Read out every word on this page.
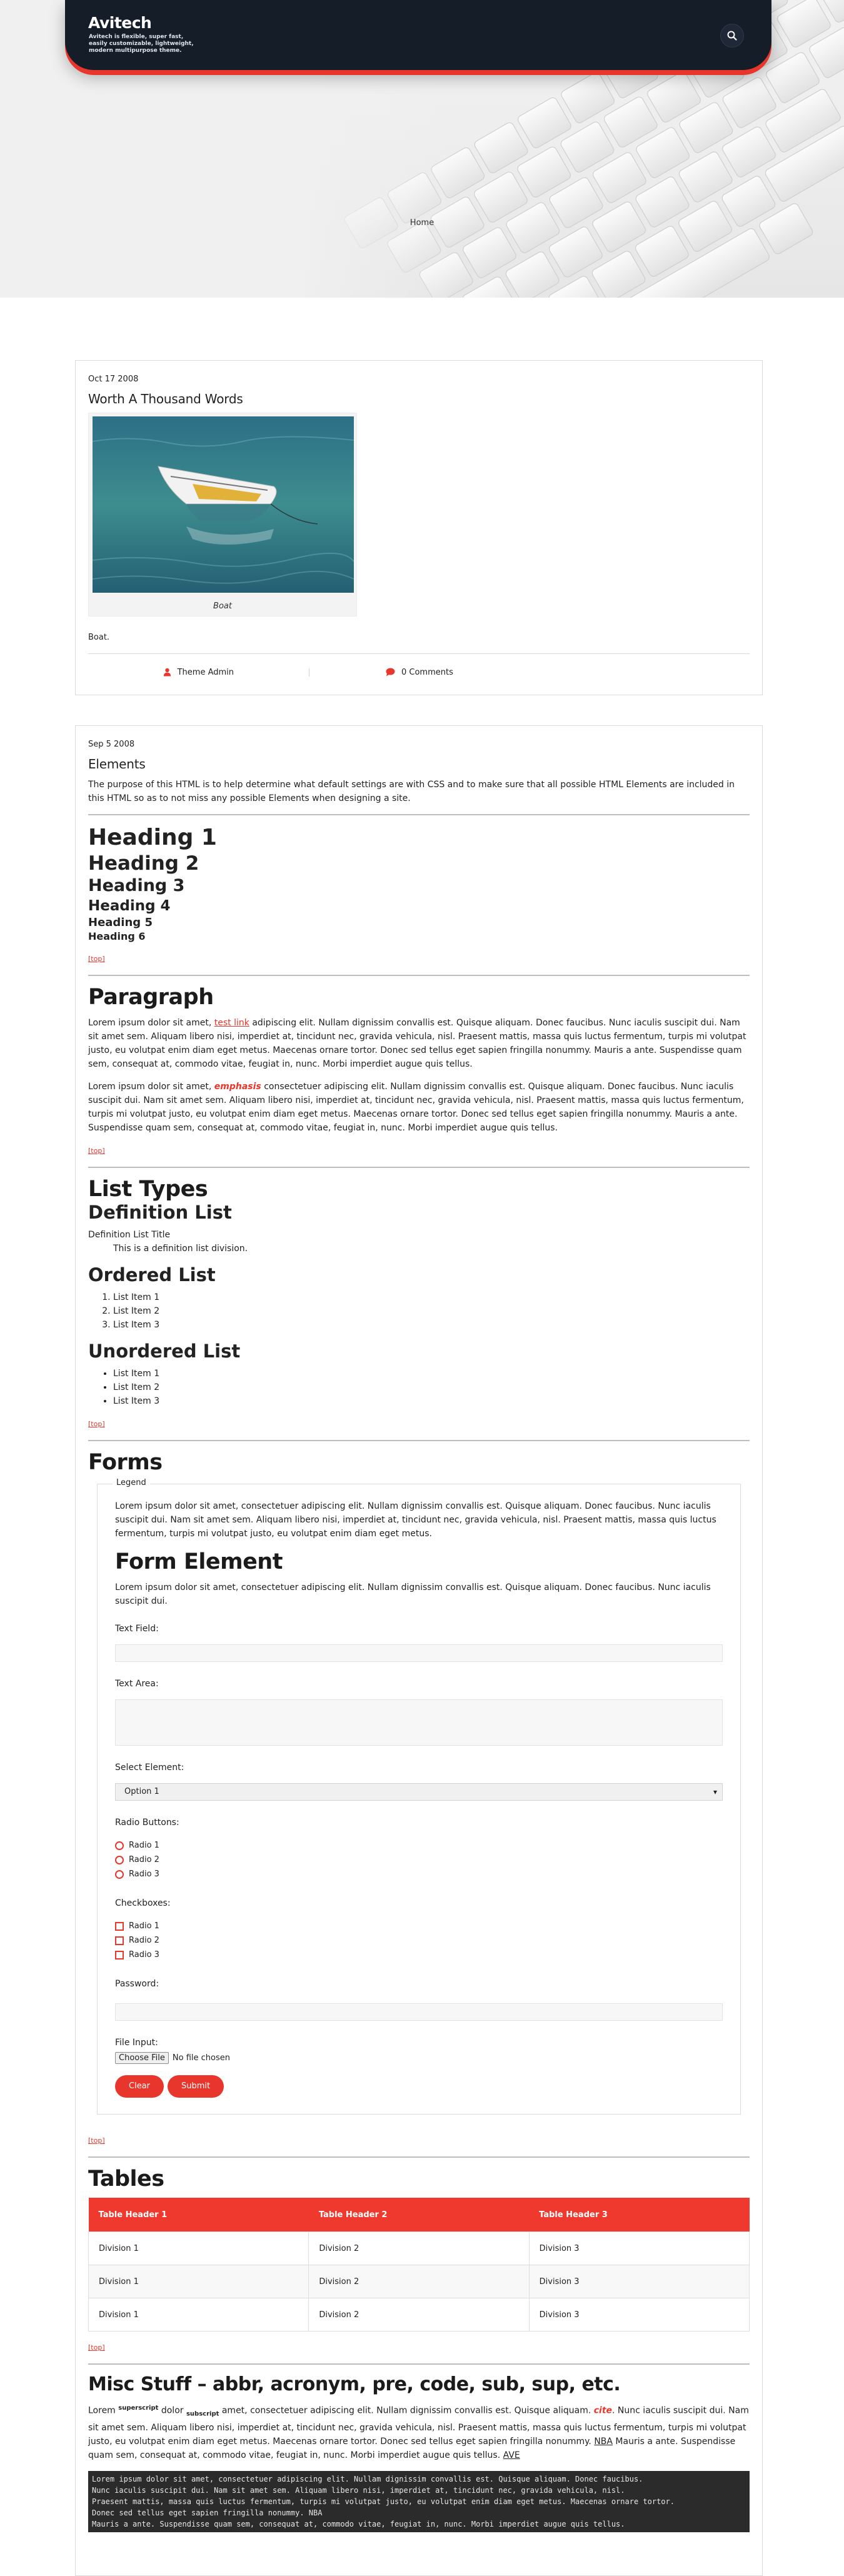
Avitech

Avitech is flexible, super fast, easily customizable, lightweight, modern multipurpose theme.

Home

Oct 17 2008

Worth A Thousand Words
Boat

Boat.

Theme Admin	0 Comments

Sep 5 2008

Elements

The purpose of this HTML is to help determine what default settings are with CSS and to make sure that all possible HTML Elements are included in this HTML so as to not miss any possible Elements when designing a site.

Heading 1
Heading 2
Heading 3
Heading 4
Heading 5
Heading 6

[top]

Paragraph

Lorem ipsum dolor sit amet, test link adipiscing elit. Nullam dignissim convallis est. Quisque aliquam. Donec faucibus. Nunc iaculis suscipit dui. Nam sit amet sem. Aliquam libero nisi, imperdiet at, tincidunt nec, gravida vehicula, nisl. Praesent mattis, massa quis luctus fermentum, turpis mi volutpat justo, eu volutpat enim diam eget metus. Maecenas ornare tortor. Donec sed tellus eget sapien fringilla nonummy. Mauris a ante. Suspendisse quam sem, consequat at, commodo vitae, feugiat in, nunc. Morbi imperdiet augue quis tellus.

Lorem ipsum dolor sit amet, emphasis consectetuer adipiscing elit. Nullam dignissim convallis est. Quisque aliquam. Donec faucibus. Nunc iaculis suscipit dui. Nam sit amet sem. Aliquam libero nisi, imperdiet at, tincidunt nec, gravida vehicula, nisl. Praesent mattis, massa quis luctus fermentum, turpis mi volutpat justo, eu volutpat enim diam eget metus. Maecenas ornare tortor. Donec sed tellus eget sapien fringilla nonummy. Mauris a ante. Suspendisse quam sem, consequat at, commodo vitae, feugiat in, nunc. Morbi imperdiet augue quis tellus.

[top]

List Types
Definition List
Definition List Title
This is a definition list division.
Ordered List
1. List Item 1
2. List Item 2
3. List Item 3
Unordered List
• List Item 1
• List Item 2
• List Item 3

[top]

Forms
Legend

Lorem ipsum dolor sit amet, consectetuer adipiscing elit. Nullam dignissim convallis est. Quisque aliquam. Donec faucibus. Nunc iaculis suscipit dui. Nam sit amet sem. Aliquam libero nisi, imperdiet at, tincidunt nec, gravida vehicula, nisl. Praesent mattis, massa quis luctus fermentum, turpis mi volutpat justo, eu volutpat enim diam eget metus.

Form Element

Lorem ipsum dolor sit amet, consectetuer adipiscing elit. Nullam dignissim convallis est. Quisque aliquam. Donec faucibus. Nunc iaculis suscipit dui.

Text Field:

Text Area:

Select Element:

Option 1	▾

Radio Buttons:

Radio 1
Radio 2
Radio 3

Checkboxes:

Radio 1
Radio 2
Radio 3

Password:

File Input:

Choose File No file chosen
Clear	Submit

[top]

Tables
Table Header 1	Table Header 2	Table Header 3
Division 1	Division 2	Division 3
Division 1	Division 2	Division 3
Division 1	Division 2	Division 3

[top]

Misc Stuff – abbr, acronym, pre, code, sub, sup, etc.

Lorem $^{superscript}$ dolor $_{subscript}$ amet, consectetuer adipiscing elit. Nullam dignissim convallis est. Quisque aliquam. cite. Nunc iaculis suscipit dui. Nam sit amet sem. Aliquam libero nisi, imperdiet at, tincidunt nec, gravida vehicula, nisl. Praesent mattis, massa quis luctus fermentum, turpis mi volutpat justo, eu volutpat enim diam eget metus. Maecenas ornare tortor. Donec sed tellus eget sapien fringilla nonummy. NBA Mauris a ante. Suspendisse quam sem, consequat at, commodo vitae, feugiat in, nunc. Morbi imperdiet augue quis tellus. AVE

Lorem ipsum dolor sit amet, consectetuer adipiscing elit. Nullam dignissim convallis est. Quisque aliquam. Donec faucibus.
Nunc iaculis suscipit dui. Nam sit amet sem. Aliquam libero nisi, imperdiet at, tincidunt nec, gravida vehicula, nisl.
Praesent mattis, massa quis luctus fermentum, turpis mi volutpat justo, eu volutpat enim diam eget metus. Maecenas ornare tortor.
Donec sed tellus eget sapien fringilla nonummy. NBA
Mauris a ante. Suspendisse quam sem, consequat at, commodo vitae, feugiat in, nunc. Morbi imperdiet augue quis tellus.
